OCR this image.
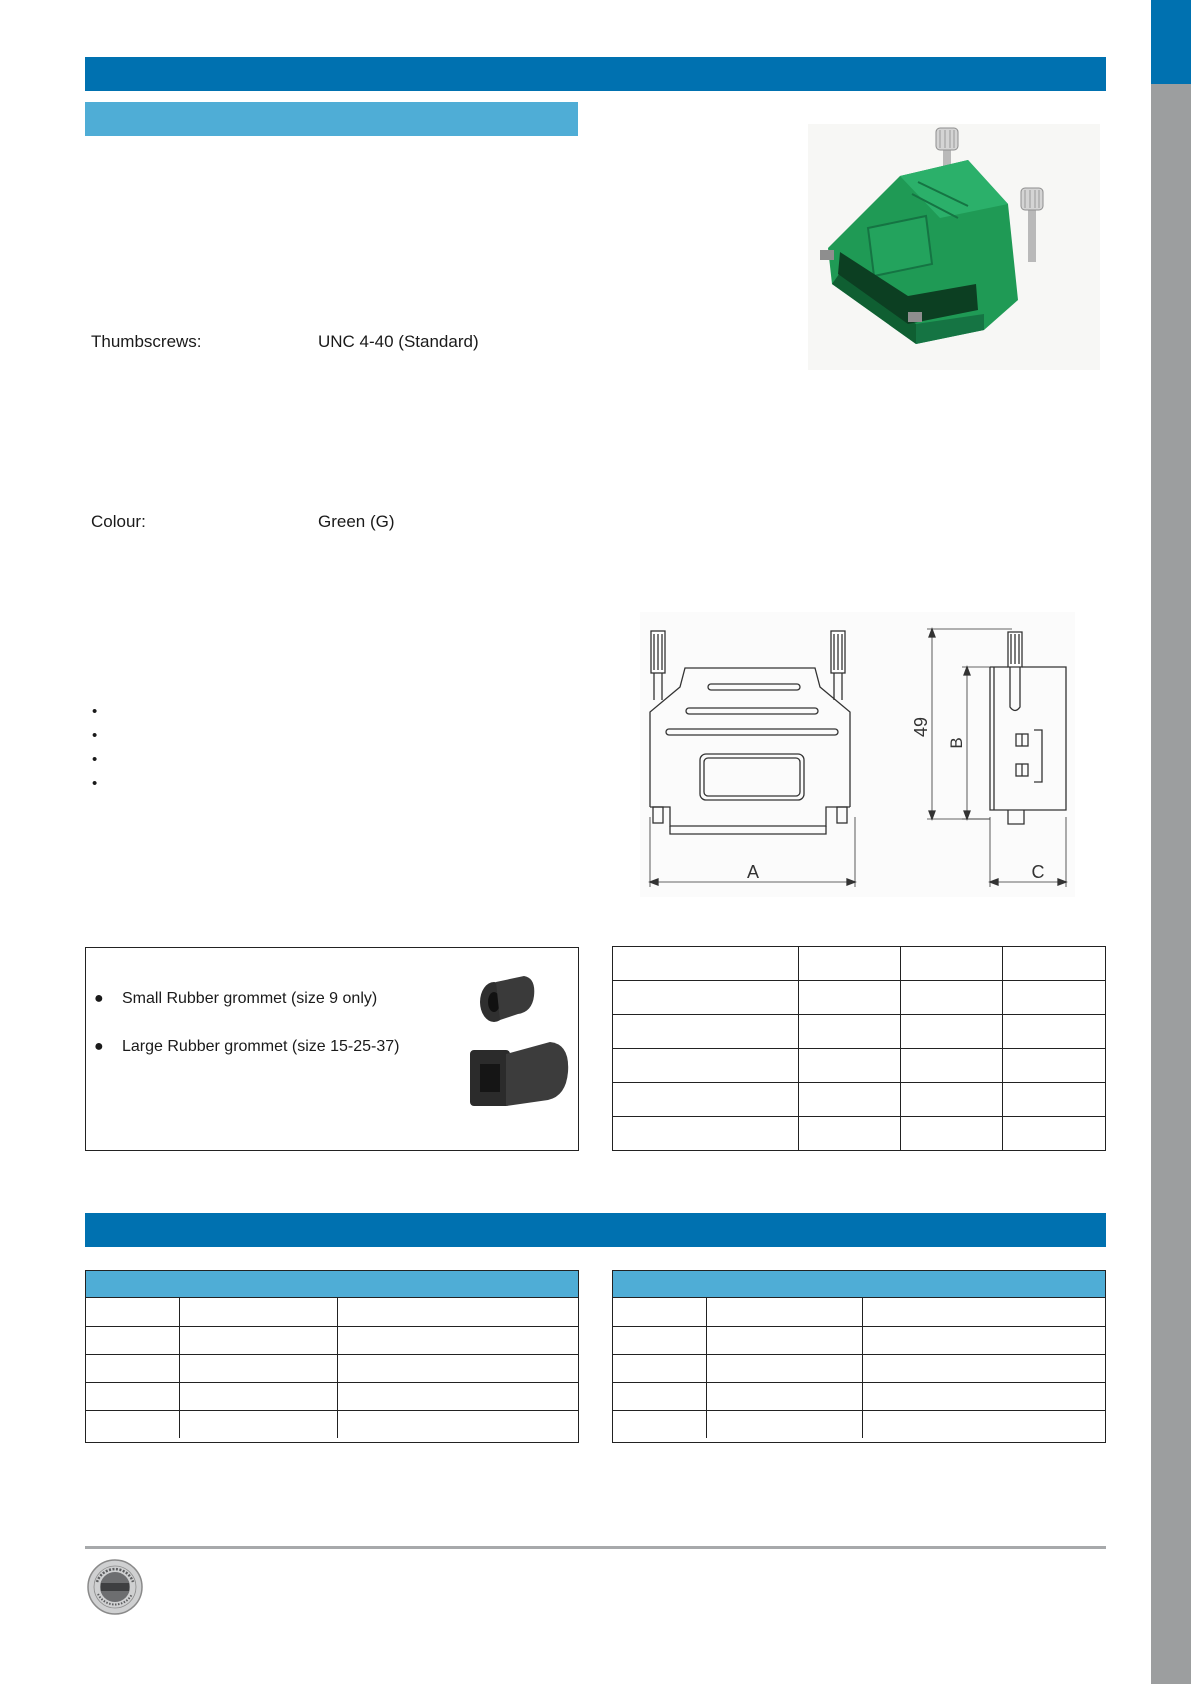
Thumbscrews:	UNC 4-40 (Standard)
Colour:	Green (G)
A	C
49
B
● Small Rubber grommet (size 9 only)
● Large Rubber grommet (size 15-25-37)
